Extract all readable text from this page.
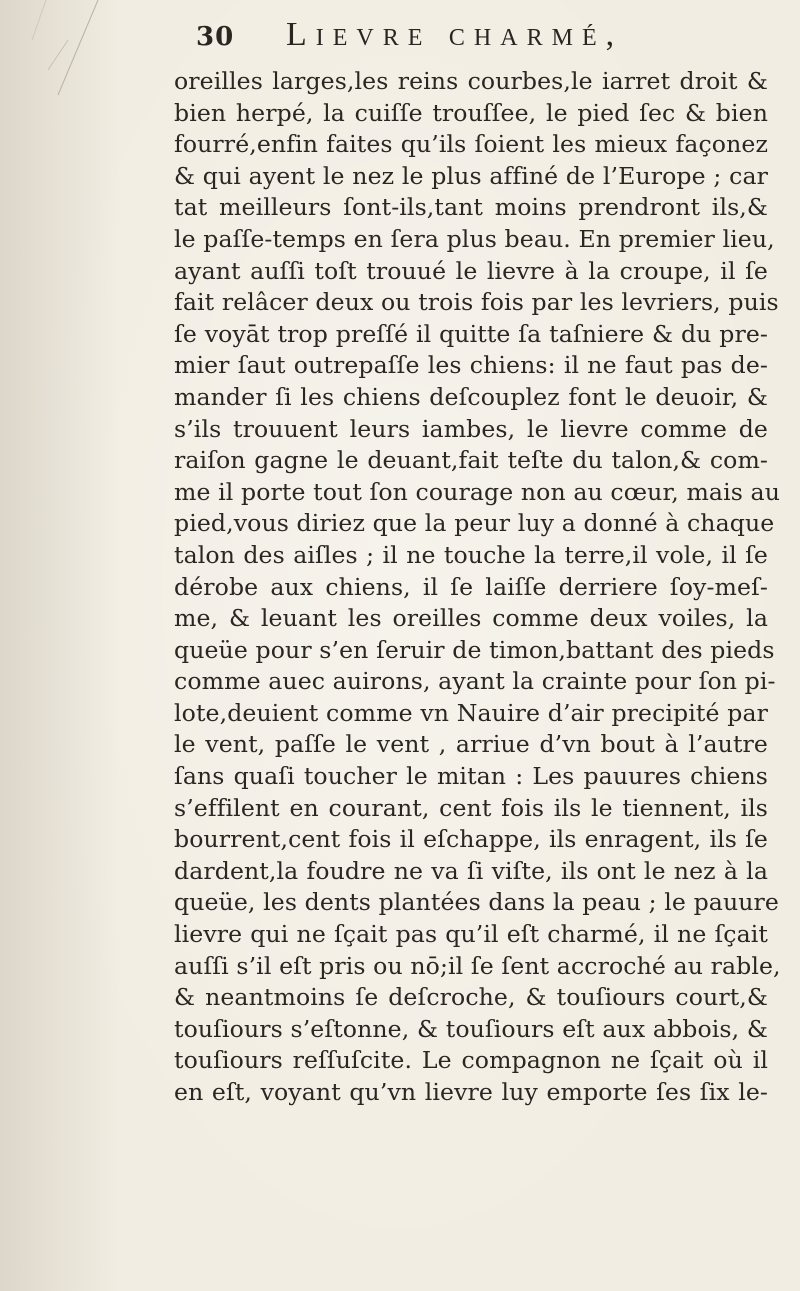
30	Lievre charmé,
oreilles larges,les reins courbes,le iarret droit &
bien herpé, la cuiſſe trouſſee, le pied ſec & bien
fourré,enfin faites qu’ils ſoient les mieux façonez
& qui ayent le nez le plus affiné de l’Europe ; car
tat meilleurs ſont-ils,tant moins prendront ils,&
le paſſe-temps en ſera plus beau. En premier lieu,
ayant auſſi toſt trouué le lievre à la croupe, il ſe
fait relâcer deux ou trois fois par les levriers, puis
ſe voyāt trop preſſé il quitte ſa taſniere & du pre-
mier ſaut outrepaſſe les chiens: il ne faut pas de-
mander ſi les chiens deſcouplez font le deuoir, &
s’ils trouuent leurs iambes, le lievre comme de
raiſon gagne le deuant,fait teſte du talon,& com-
me il porte tout ſon courage non au cœur, mais au
pied,vous diriez que la peur luy a donné à chaque
talon des aiſles ; il ne touche la terre,il vole, il ſe
dérobe aux chiens, il ſe laiſſe derriere ſoy-meſ-
me, & leuant les oreilles comme deux voiles, la
queüe pour s’en ſeruir de timon,battant des pieds
comme auec auirons, ayant la crainte pour ſon pi-
lote,deuient comme vn Nauire d’air precipité par
le vent, paſſe le vent , arriue d’vn bout à l’autre
ſans quaſi toucher le mitan : Les pauures chiens
s’effilent en courant, cent fois ils le tiennent, ils
bourrent,cent fois il eſchappe, ils enragent, ils ſe
dardent,la foudre ne va ſi viſte, ils ont le nez à la
queüe, les dents plantées dans la peau ; le pauure
lievre qui ne ſçait pas qu’il eſt charmé, il ne ſçait
auſſi s’il eſt pris ou nō;il ſe ſent accroché au rable,
& neantmoins ſe deſcroche, & touſiours court,&
touſiours s’eſtonne, & touſiours eſt aux abbois, &
touſiours reſſuſcite. Le compagnon ne ſçait où il
en eſt, voyant qu’vn lievre luy emporte ſes ſix le-
